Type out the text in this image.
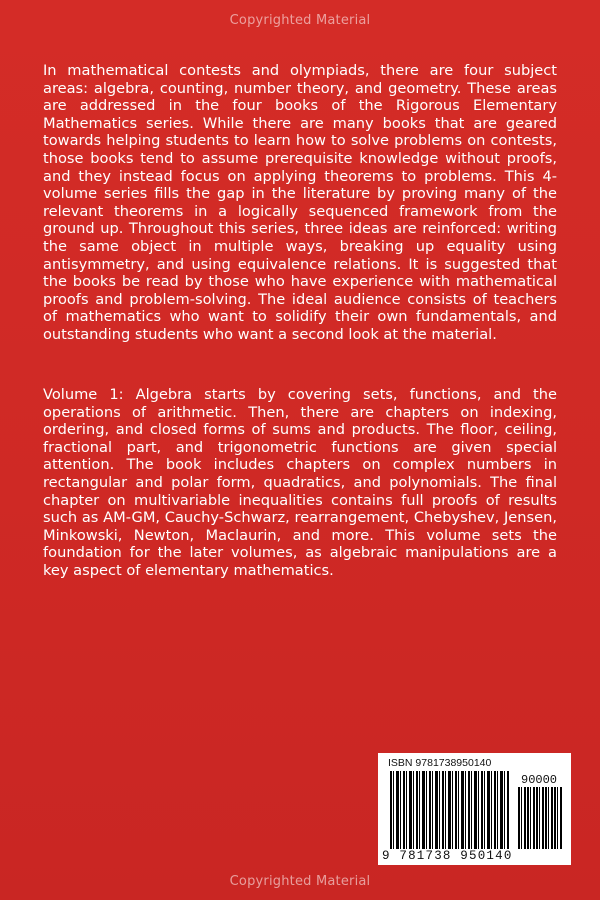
Copyrighted Material

In mathematical contests and olympiads, there are four subject areas: algebra, counting, number theory, and geometry. These areas are addressed in the four books of the Rigorous Elementary Mathematics series. While there are many books that are geared towards helping students to learn how to solve problems on contests, those books tend to assume prerequisite knowledge without proofs, and they instead focus on applying theorems to problems. This 4-volume series fills the gap in the literature by proving many of the relevant theorems in a logically sequenced framework from the ground up. Throughout this series, three ideas are reinforced: writing the same object in multiple ways, breaking up equality using antisymmetry, and using equivalence relations. It is suggested that the books be read by those who have experience with mathematical proofs and problem-solving. The ideal audience consists of teachers of mathematics who want to solidify their own fundamentals, and outstanding students who want a second look at the material.

Volume 1: Algebra starts by covering sets, functions, and the operations of arithmetic. Then, there are chapters on indexing, ordering, and closed forms of sums and products. The floor, ceiling, fractional part, and trigonometric functions are given special attention. The book includes chapters on complex numbers in rectangular and polar form, quadratics, and polynomials. The final chapter on multivariable inequalities contains full proofs of results such as AM-GM, Cauchy-Schwarz, rearrangement, Chebyshev, Jensen, Minkowski, Newton, Maclaurin, and more. This volume sets the foundation for the later volumes, as algebraic manipulations are a key aspect of elementary mathematics.

ISBN 9781738950140
90000
9 781738 950140
Copyrighted Material
